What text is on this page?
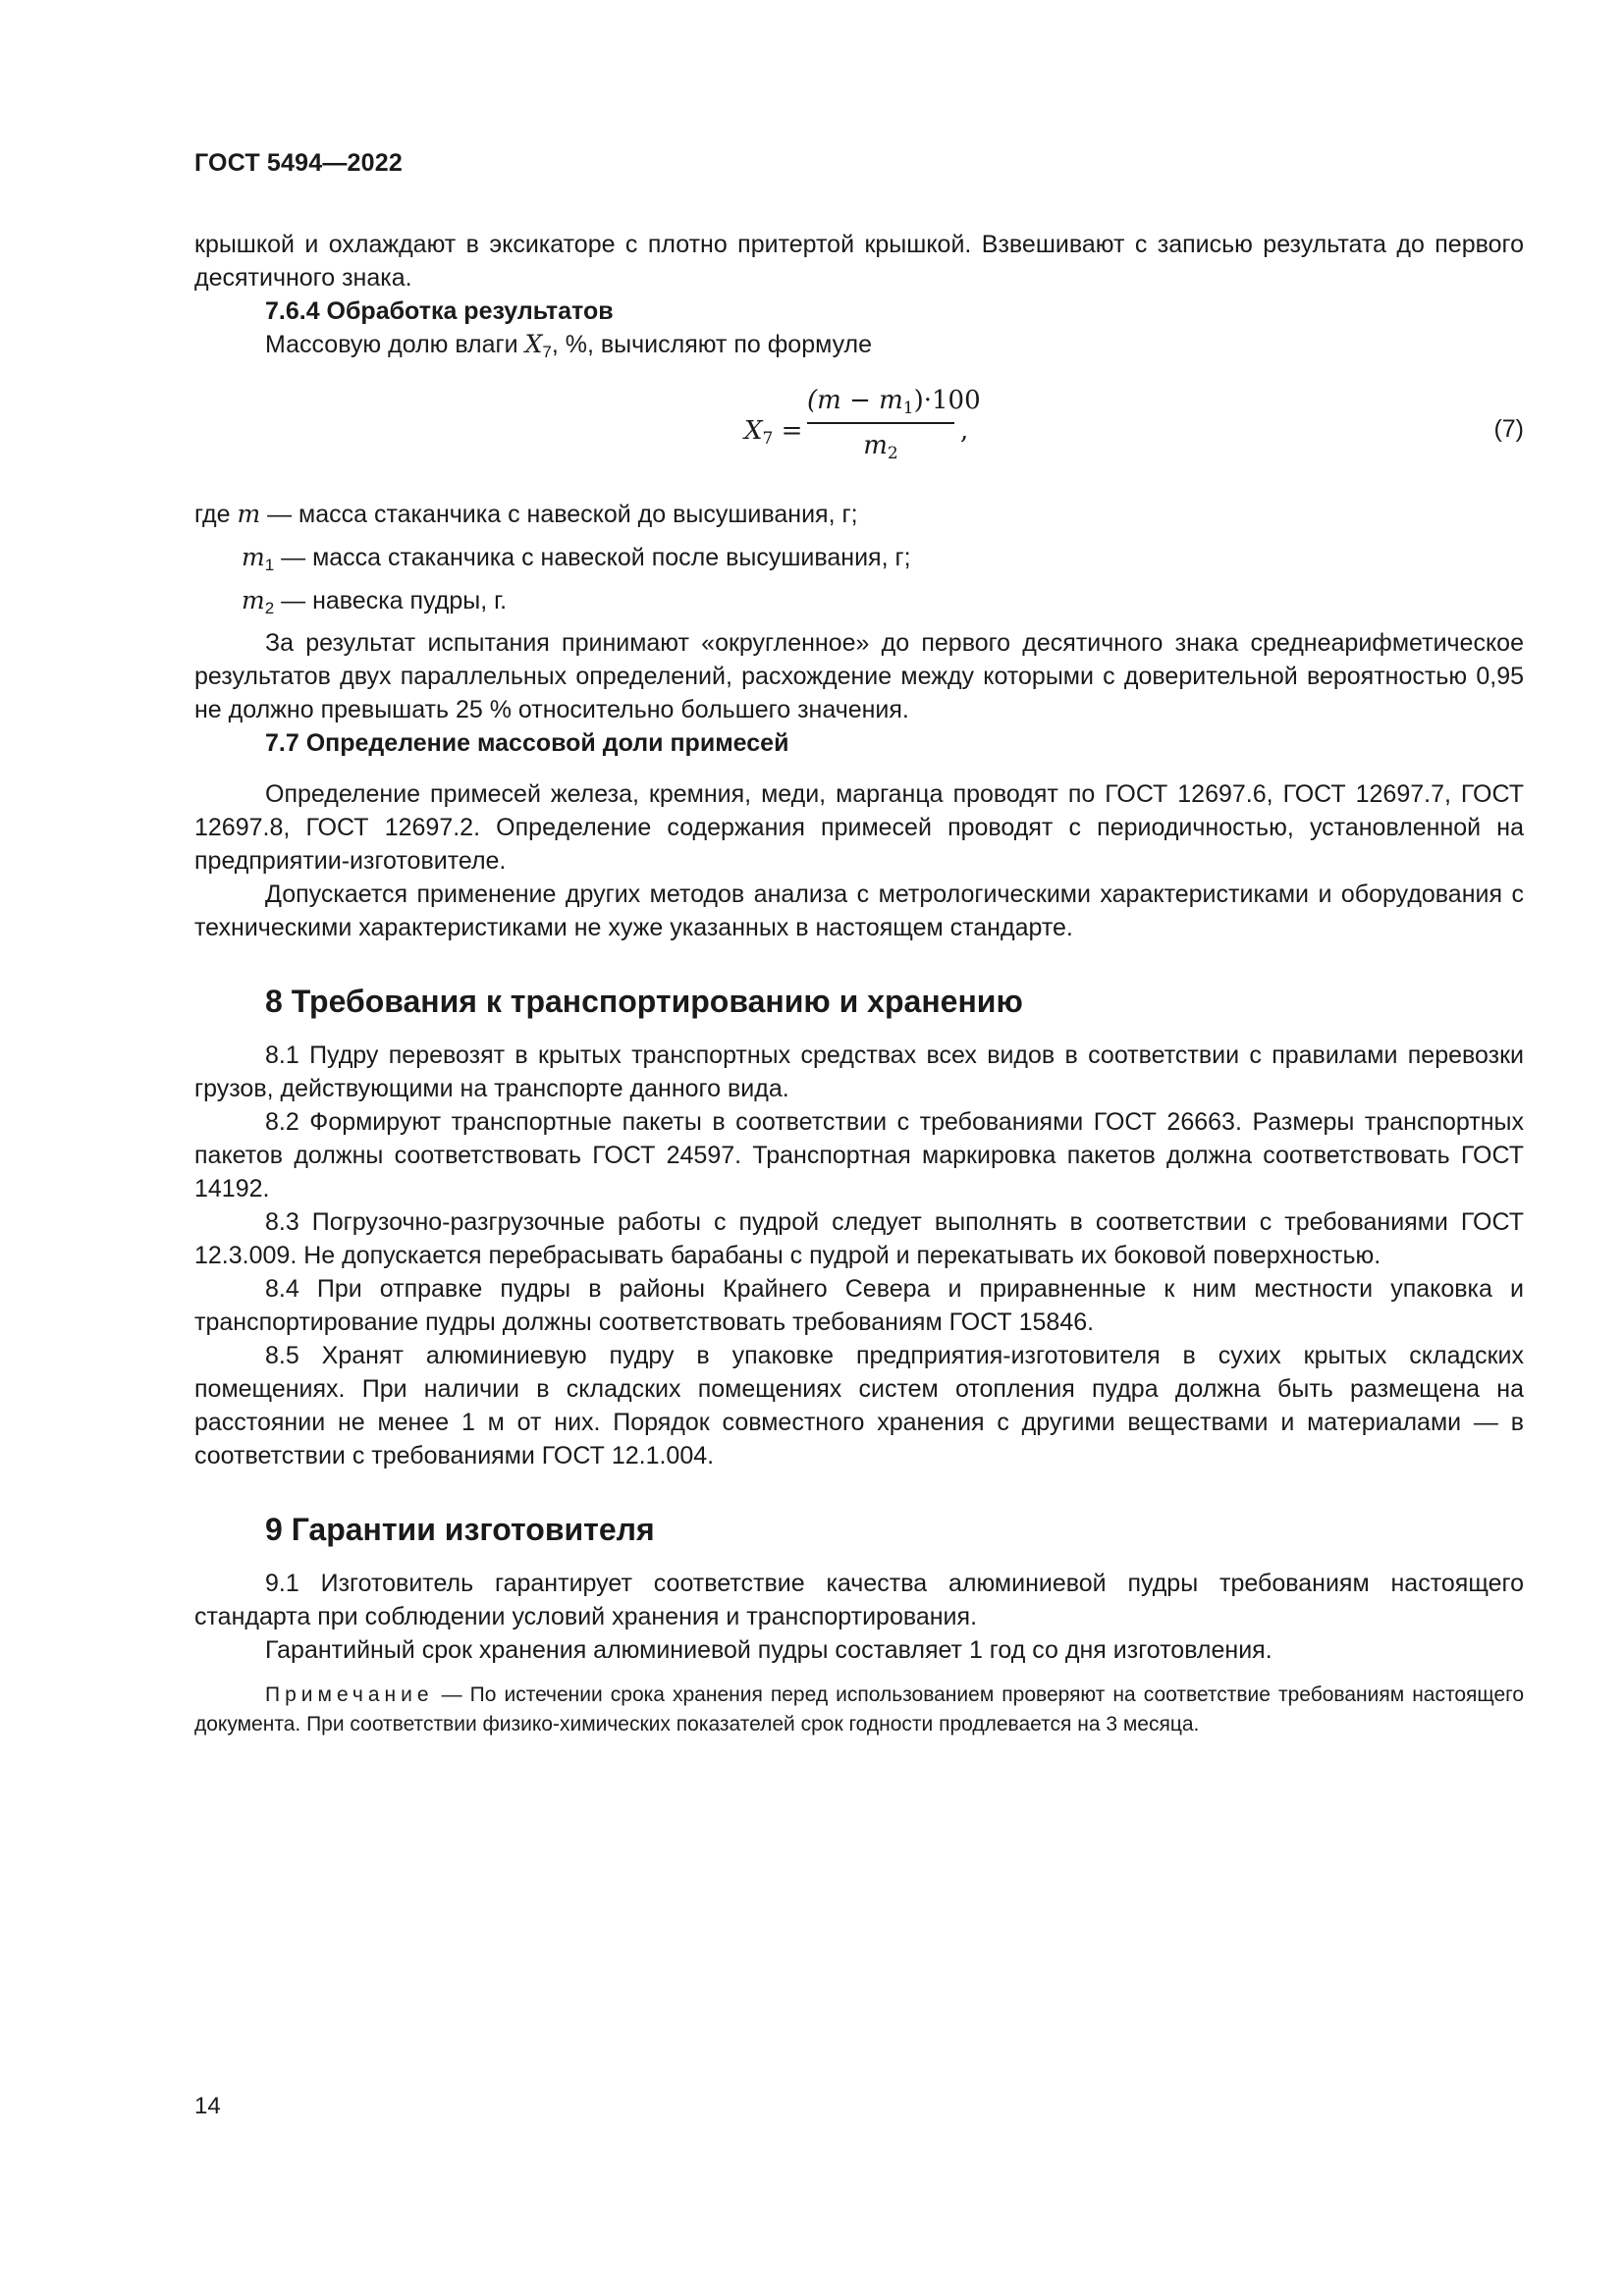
ГОСТ 5494—2022

крышкой и охлаждают в эксикаторе с плотно притертой крышкой. Взвешивают с записью результата до первого десятичного знака.

7.6.4 Обработка результатов

Массовую долю влаги $X_7$, %, вычисляют по формуле

$X_7$ =
$(m - m_1)\cdot 100$
$m_2$
,	(7)

где m — масса стаканчика с навеской до высушивания, г;

$m_1$ — масса стаканчика с навеской после высушивания, г;

$m_2$ — навеска пудры, г.

За результат испытания принимают «округленное» до первого десятичного знака среднеарифметическое результатов двух параллельных определений, расхождение между которыми с доверительной вероятностью 0,95 не должно превышать 25 % относительно большего значения.

7.7 Определение массовой доли примесей

Определение примесей железа, кремния, меди, марганца проводят по ГОСТ 12697.6, ГОСТ 12697.7, ГОСТ 12697.8, ГОСТ 12697.2. Определение содержания примесей проводят с периодичностью, установленной на предприятии-изготовителе.

Допускается применение других методов анализа с метрологическими характеристиками и оборудования с техническими характеристиками не хуже указанных в настоящем стандарте.

8 Требования к транспортированию и хранению

8.1 Пудру перевозят в крытых транспортных средствах всех видов в соответствии с правилами перевозки грузов, действующими на транспорте данного вида.

8.2 Формируют транспортные пакеты в соответствии с требованиями ГОСТ 26663. Размеры транспортных пакетов должны соответствовать ГОСТ 24597. Транспортная маркировка пакетов должна соответствовать ГОСТ 14192.

8.3 Погрузочно-разгрузочные работы с пудрой следует выполнять в соответствии с требованиями ГОСТ 12.3.009. Не допускается перебрасывать барабаны с пудрой и перекатывать их боковой поверхностью.

8.4 При отправке пудры в районы Крайнего Севера и приравненные к ним местности упаковка и транспортирование пудры должны соответствовать требованиям ГОСТ 15846.

8.5 Хранят алюминиевую пудру в упаковке предприятия-изготовителя в сухих крытых складских помещениях. При наличии в складских помещениях систем отопления пудра должна быть размещена на расстоянии не менее 1 м от них. Порядок совместного хранения с другими веществами и материалами — в соответствии с требованиями ГОСТ 12.1.004.

9 Гарантии изготовителя

9.1 Изготовитель гарантирует соответствие качества алюминиевой пудры требованиям настоящего стандарта при соблюдении условий хранения и транспортирования.

Гарантийный срок хранения алюминиевой пудры составляет 1 год со дня изготовления.

Примечание — По истечении срока хранения перед использованием проверяют на соответствие требованиям настоящего документа. При соответствии физико-химических показателей срок годности продлевается на 3 месяца.

14
